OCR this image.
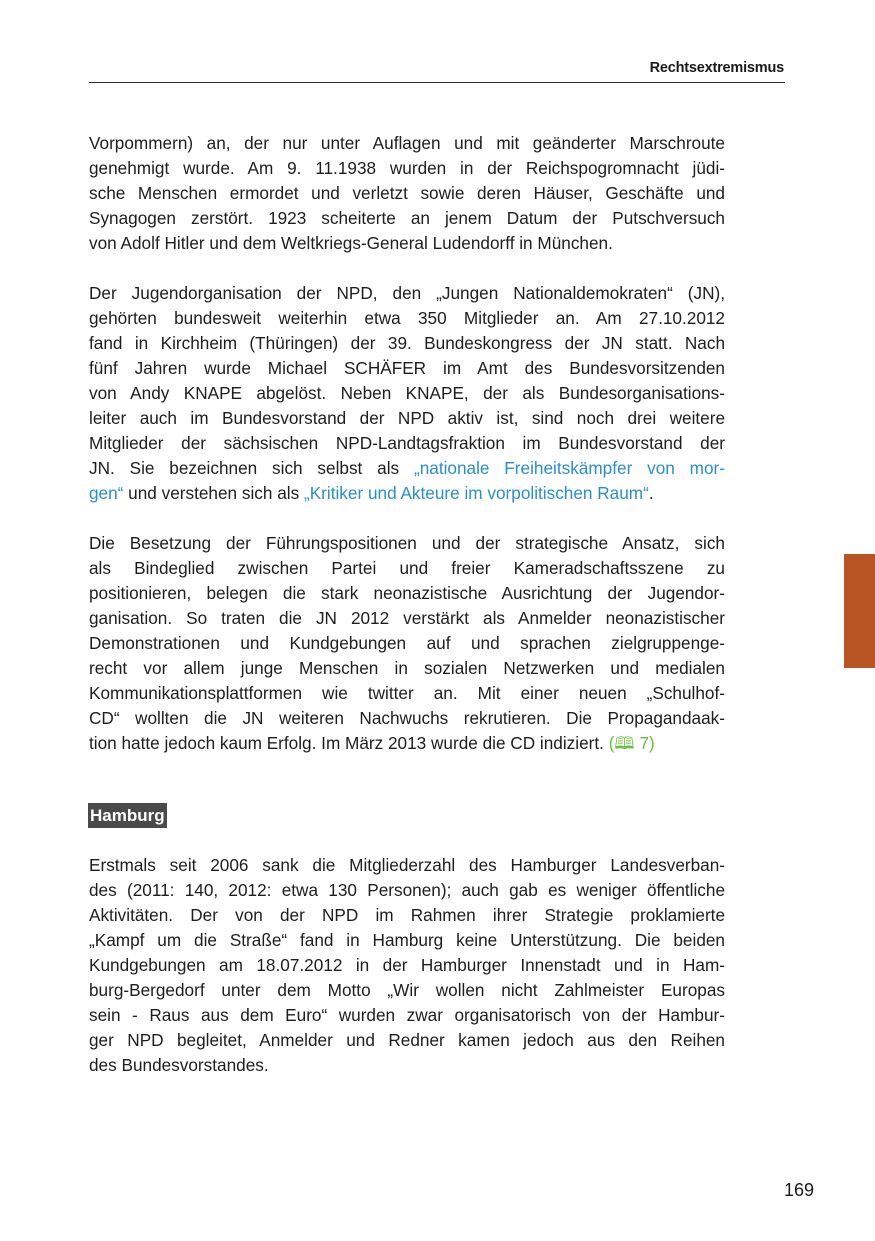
Rechtsextremismus

Vorpommern) an, der nur unter Auflagen und mit geänderter Marschroute
genehmigt wurde. Am 9. 11.1938 wurden in der Reichspogromnacht jüdi-
sche Menschen ermordet und verletzt sowie deren Häuser, Geschäfte und
Synagogen zerstört. 1923 scheiterte an jenem Datum der Putschversuch
von Adolf Hitler und dem Weltkriegs-General Ludendorff in München.

Der Jugendorganisation der NPD, den „Jungen Nationaldemokraten“ (JN),
gehörten bundesweit weiterhin etwa 350 Mitglieder an. Am 27.10.2012
fand in Kirchheim (Thüringen) der 39. Bundeskongress der JN statt. Nach
fünf Jahren wurde Michael SCHÄFER im Amt des Bundesvorsitzenden
von Andy KNAPE abgelöst. Neben KNAPE, der als Bundesorganisations-
leiter auch im Bundesvorstand der NPD aktiv ist, sind noch drei weitere
Mitglieder der sächsischen NPD-Landtagsfraktion im Bundesvorstand der
JN. Sie bezeichnen sich selbst als „nationale Freiheitskämpfer von mor-
gen“ und verstehen sich als „Kritiker und Akteure im vorpolitischen Raum“.

Die Besetzung der Führungspositionen und der strategische Ansatz, sich
als Bindeglied zwischen Partei und freier Kameradschaftsszene zu
positionieren, belegen die stark neonazistische Ausrichtung der Jugendor-
ganisation. So traten die JN 2012 verstärkt als Anmelder neonazistischer
Demonstrationen und Kundgebungen auf und sprachen zielgruppenge-
recht vor allem junge Menschen in sozialen Netzwerken und medialen
Kommunikationsplattformen wie twitter an. Mit einer neuen „Schulhof-
CD“ wollten die JN weiteren Nachwuchs rekrutieren. Die Propagandaak-
tion hatte jedoch kaum Erfolg. Im März 2013 wurde die CD indiziert. (🕮 7)

Hamburg

Erstmals seit 2006 sank die Mitgliederzahl des Hamburger Landesverban-
des (2011: 140, 2012: etwa 130 Personen); auch gab es weniger öffentliche
Aktivitäten. Der von der NPD im Rahmen ihrer Strategie proklamierte
„Kampf um die Straße“ fand in Hamburg keine Unterstützung. Die beiden
Kundgebungen am 18.07.2012 in der Hamburger Innenstadt und in Ham-
burg-Bergedorf unter dem Motto „Wir wollen nicht Zahlmeister Europas
sein - Raus aus dem Euro“ wurden zwar organisatorisch von der Hambur-
ger NPD begleitet, Anmelder und Redner kamen jedoch aus den Reihen
des Bundesvorstandes.

169
